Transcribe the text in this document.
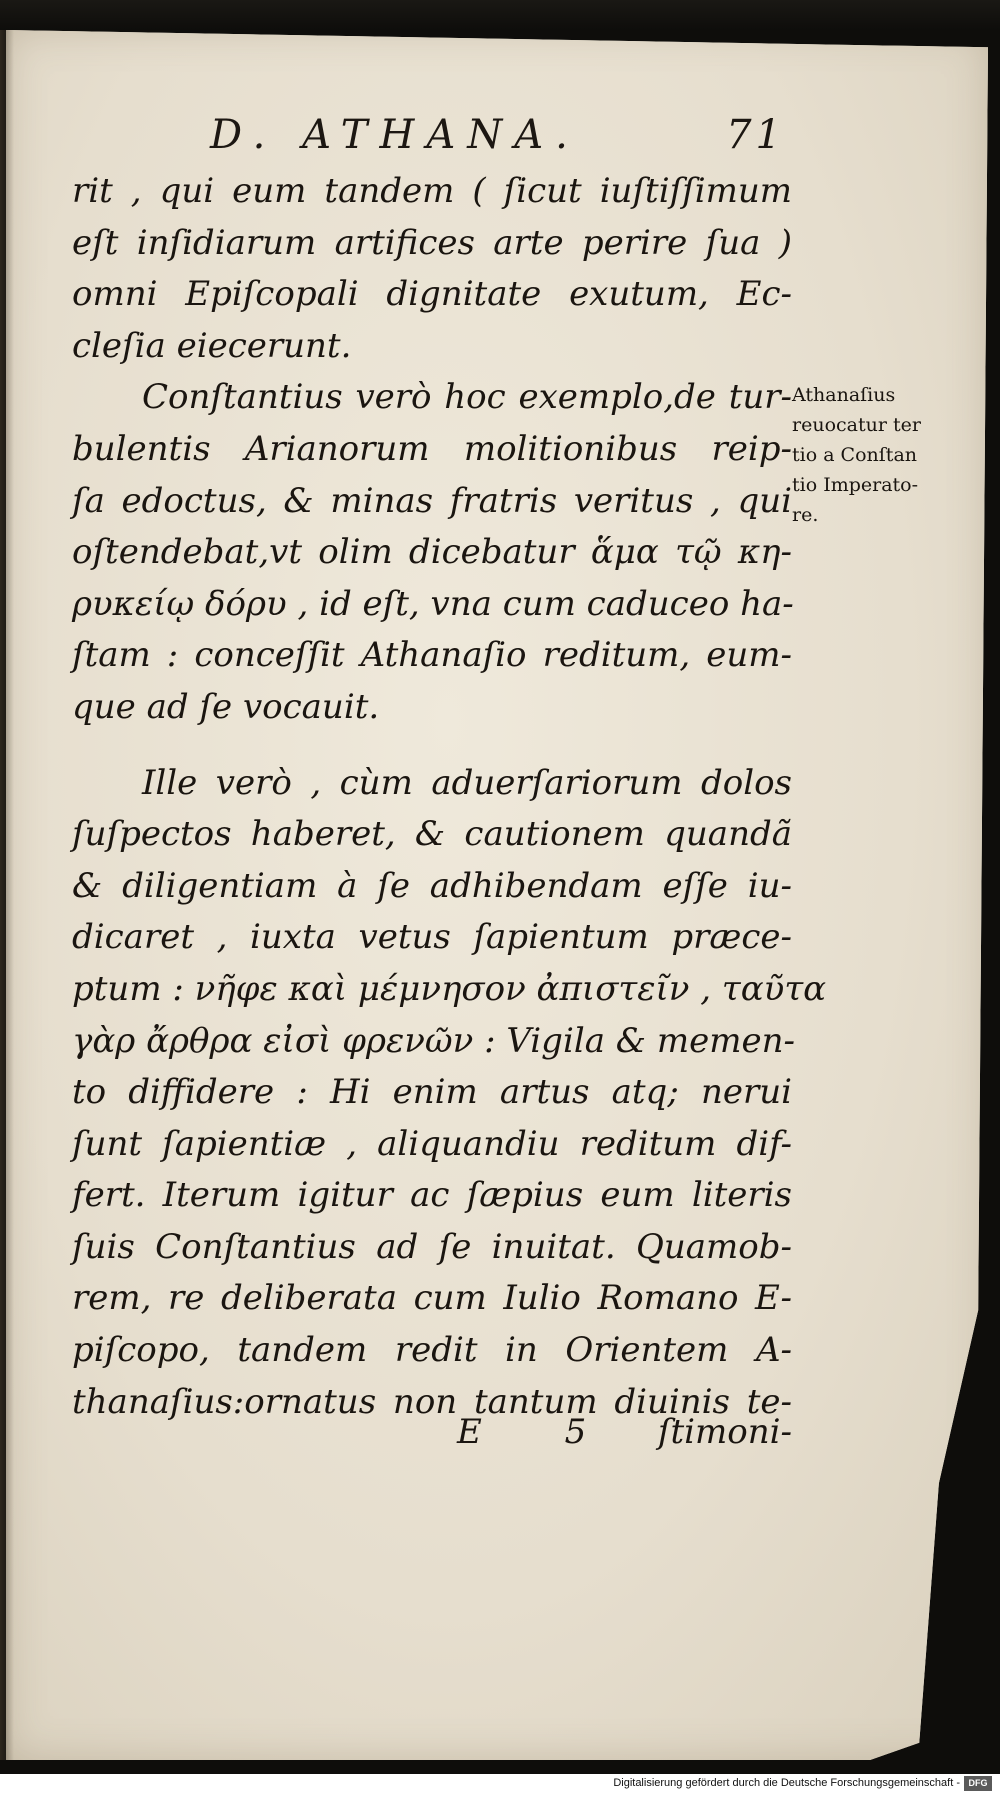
D. ATHANA.	71
rit , qui eum tandem ( ſicut iuſtiſſimum
eſt inſidiarum artifices arte perire ſua )
omni Epiſcopali dignitate exutum, Ec-
cleſia eiecerunt.
Conſtantius verò hoc exemplo,de tur-
bulentis Arianorum molitionibus reip-
ſa edoctus, & minas fratris veritus , qui
oſtendebat,vt olim dicebatur ἅμα τῷ κη-
ρυκείῳ δόρυ , id eſt, vna cum caduceo ha-
ſtam : conceſſit Athanaſio reditum, eum-
que ad ſe vocauit.
Ille verò , cùm aduerſariorum dolos
ſuſpectos haberet, & cautionem quandã
& diligentiam à ſe adhibendam eſſe iu-
dicaret , iuxta vetus ſapientum præce-
ptum : νῆφε καὶ μέμνησον ἀπιστεῖν , ταῦτα
γὰρ ἄρθρα εἰσὶ φρενῶν : Vigila & memen-
to diffidere : Hi enim artus atq; nerui
ſunt ſapientiæ , aliquandiu reditum dif-
fert. Iterum igitur ac ſæpius eum literis
ſuis Conſtantius ad ſe inuitat. Quamob-
rem, re deliberata cum Iulio Romano E-
piſcopo, tandem redit in Orientem A-
thanaſius:ornatus non tantum diuinis te-
E 5 ſtimoni-
Athanaſius
reuocatur ter
tio a Conſtan
tio Imperato-
re.
Digitalisierung gefördert durch die Deutsche Forschungsgemeinschaft - DFG
